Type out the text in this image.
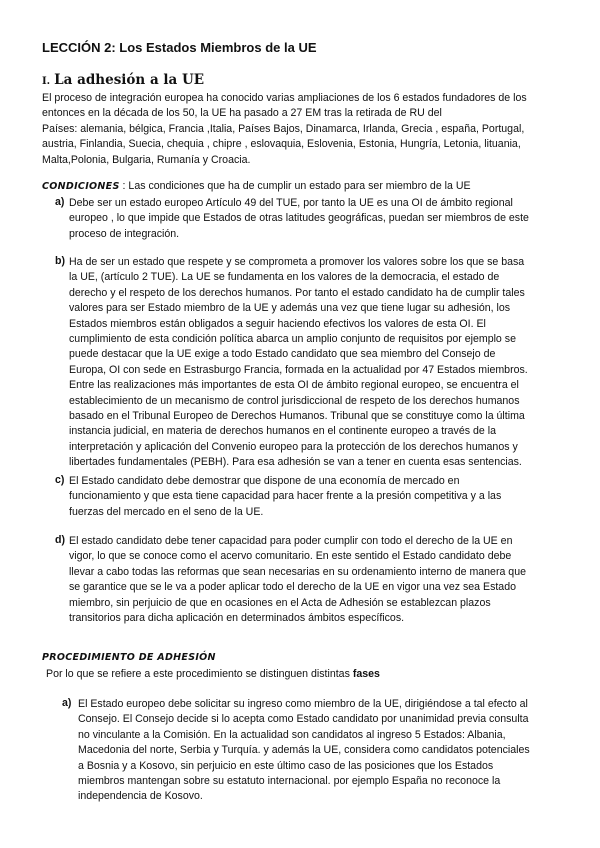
LECCIÓN 2: Los Estados Miembros de la UE
I. La adhesión a la UE
El proceso de integración europea ha conocido varias ampliaciones de los 6 estados fundadores de los
entonces en la década de los 50, la UE ha pasado a 27 EM tras la retirada de RU del
Países: alemania, bélgica, Francia ,Italia, Países Bajos, Dinamarca, Irlanda, Grecia , españa, Portugal,
austria, Finlandia, Suecia, chequia , chipre , eslovaquia, Eslovenia, Estonia, Hungría, Letonia, lituania,
Malta,Polonia, Bulgaria, Rumanía y Croacia.
CONDICIONES : Las condiciones que ha de cumplir un estado para ser miembro de la UE
a) Debe ser un estado europeo Artículo 49 del TUE, por tanto la UE es una OI de ámbito regional
europeo , lo que impide que Estados de otras latitudes geográficas, puedan ser miembros de este
proceso de integración.
b) Ha de ser un estado que respete y se comprometa a promover los valores sobre los que se basa
la UE, (artículo 2 TUE). La UE se fundamenta en los valores de la democracia, el estado de
derecho y el respeto de los derechos humanos. Por tanto el estado candidato ha de cumplir tales
valores para ser Estado miembro de la UE y además una vez que tiene lugar su adhesión, los
Estados miembros están obligados a seguir haciendo efectivos los valores de esta OI. El
cumplimiento de esta condición política abarca un amplio conjunto de requisitos por ejemplo se
puede destacar que la UE exige a todo Estado candidato que sea miembro del Consejo de
Europa, OI con sede en Estrasburgo Francia, formada en la actualidad por 47 Estados miembros.
Entre las realizaciones más importantes de esta OI de ámbito regional europeo, se encuentra el
establecimiento de un mecanismo de control jurisdiccional de respeto de los derechos humanos
basado en el Tribunal Europeo de Derechos Humanos. Tribunal que se constituye como la última
instancia judicial, en materia de derechos humanos en el continente europeo a través de la
interpretación y aplicación del Convenio europeo para la protección de los derechos humanos y
libertades fundamentales (PEBH). Para esa adhesión se van a tener en cuenta esas sentencias.
c) El Estado candidato debe demostrar que dispone de una economía de mercado en
funcionamiento y que esta tiene capacidad para hacer frente a la presión competitiva y a las
fuerzas del mercado en el seno de la UE.
d) El estado candidato debe tener capacidad para poder cumplir con todo el derecho de la UE en
vigor, lo que se conoce como el acervo comunitario. En este sentido el Estado candidato debe
llevar a cabo todas las reformas que sean necesarias en su ordenamiento interno de manera que
se garantice que se le va a poder aplicar todo el derecho de la UE en vigor una vez sea Estado
miembro, sin perjuicio de que en ocasiones en el Acta de Adhesión se establezcan plazos
transitorios para dicha aplicación en determinados ámbitos específicos.
PROCEDIMIENTO DE ADHESIÓN
Por lo que se refiere a este procedimiento se distinguen distintas fases
a) El Estado europeo debe solicitar su ingreso como miembro de la UE, dirigiéndose a tal efecto al
Consejo. El Consejo decide si lo acepta como Estado candidato por unanimidad previa consulta
no vinculante a la Comisión. En la actualidad son candidatos al ingreso 5 Estados: Albania,
Macedonia del norte, Serbia y Turquía. y además la UE, considera como candidatos potenciales
a Bosnia y a Kosovo, sin perjuicio en este último caso de las posiciones que los Estados
miembros mantengan sobre su estatuto internacional. por ejemplo España no reconoce la
independencia de Kosovo.
